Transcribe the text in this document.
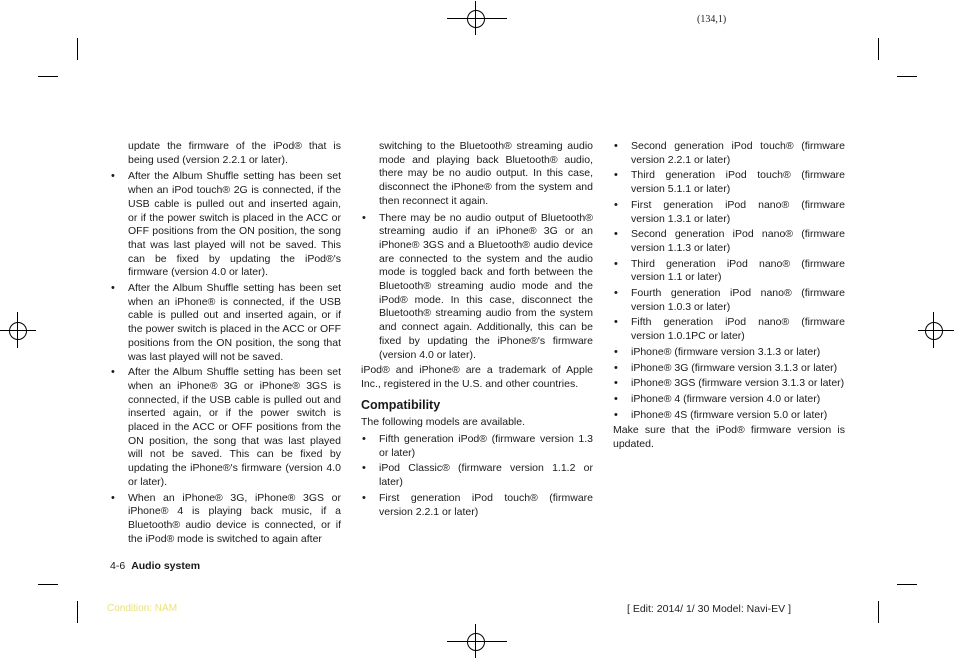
(134,1)

update the firmware of the iPod® that is being used (version 2.2.1 or later).

• After the Album Shuffle setting has been set when an iPod touch® 2G is connected, if the USB cable is pulled out and inserted again, or if the power switch is placed in the ACC or OFF positions from the ON position, the song that was last played will not be saved. This can be fixed by updating the iPod®'s firmware (version 4.0 or later).
• After the Album Shuffle setting has been set when an iPhone® is connected, if the USB cable is pulled out and inserted again, or if the power switch is placed in the ACC or OFF positions from the ON position, the song that was last played will not be saved.
• After the Album Shuffle setting has been set when an iPhone® 3G or iPhone® 3GS is connected, if the USB cable is pulled out and inserted again, or if the power switch is placed in the ACC or OFF positions from the ON position, the song that was last played will not be saved. This can be fixed by updating the iPhone®'s firmware (version 4.0 or later).
• When an iPhone® 3G, iPhone® 3GS or iPhone® 4 is playing back music, if a Bluetooth® audio device is connected, or if the iPod® mode is switched to again after

switching to the Bluetooth® streaming audio mode and playing back Bluetooth® audio, there may be no audio output. In this case, disconnect the iPhone® from the system and then reconnect it again.

• There may be no audio output of Bluetooth® streaming audio if an iPhone® 3G or an iPhone® 3GS and a Bluetooth® audio device are connected to the system and the audio mode is toggled back and forth between the Bluetooth® streaming audio mode and the iPod® mode. In this case, disconnect the Bluetooth® streaming audio from the system and connect again. Additionally, this can be fixed by updating the iPhone®'s firmware (version 4.0 or later).

iPod® and iPhone® are a trademark of Apple Inc., registered in the U.S. and other countries.

Compatibility

The following models are available.

• Fifth generation iPod® (firmware version 1.3 or later)
• iPod Classic® (firmware version 1.1.2 or later)
• First generation iPod touch® (firmware version 2.2.1 or later)
• Second generation iPod touch® (firmware version 2.2.1 or later)
• Third generation iPod touch® (firmware version 5.1.1 or later)
• First generation iPod nano® (firmware version 1.3.1 or later)
• Second generation iPod nano® (firmware version 1.1.3 or later)
• Third generation iPod nano® (firmware version 1.1 or later)
• Fourth generation iPod nano® (firmware version 1.0.3 or later)
• Fifth generation iPod nano® (firmware version 1.0.1PC or later)
• iPhone® (firmware version 3.1.3 or later)
• iPhone® 3G (firmware version 3.1.3 or later)
• iPhone® 3GS (firmware version 3.1.3 or later)
• iPhone® 4 (firmware version 4.0 or later)
• iPhone® 4S (firmware version 5.0 or later)

Make sure that the iPod® firmware version is updated.

4-6 Audio system
Condition: NAM	[ Edit: 2014/ 1/ 30 Model: Navi-EV ]
